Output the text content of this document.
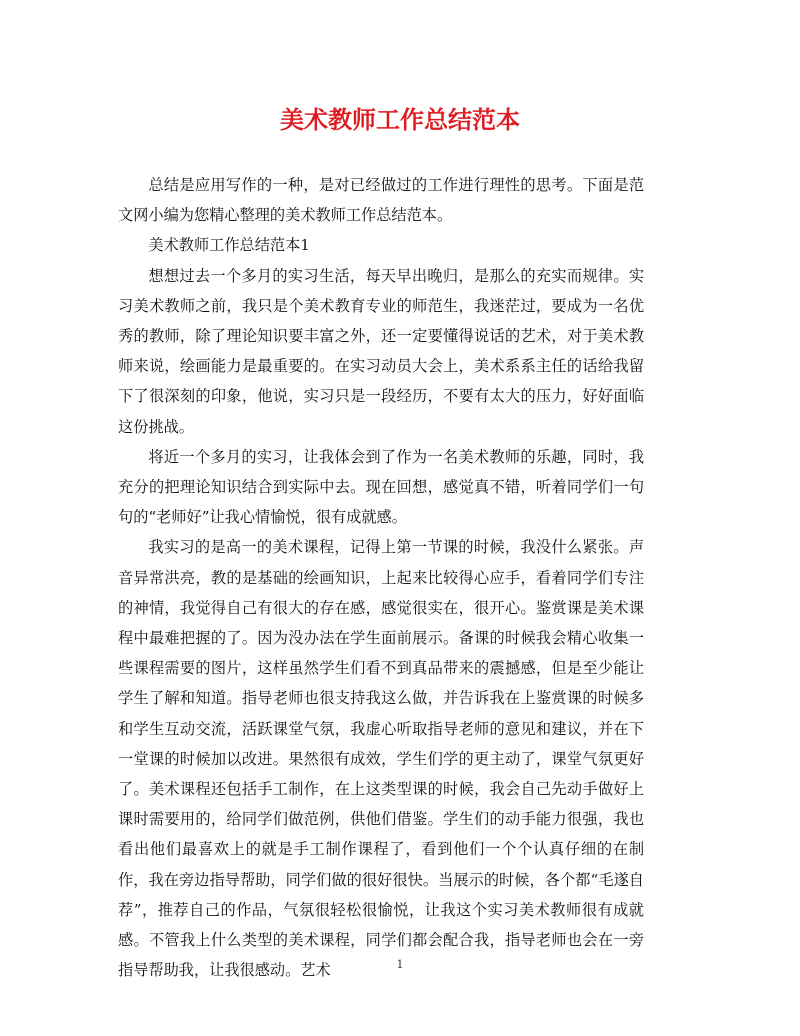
美术教师工作总结范本

总结是应用写作的一种，是对已经做过的工作进行理性的思考。下面是范文网小编为您精心整理的美术教师工作总结范本。

美术教师工作总结范本1

想想过去一个多月的实习生活，每天早出晚归，是那么的充实而规律。实习美术教师之前，我只是个美术教育专业的师范生，我迷茫过，要成为一名优秀的教师，除了理论知识要丰富之外，还一定要懂得说话的艺术，对于美术教师来说，绘画能力是最重要的。在实习动员大会上，美术系系主任的话给我留下了很深刻的印象，他说，实习只是一段经历，不要有太大的压力，好好面临这份挑战。

将近一个多月的实习，让我体会到了作为一名美术教师的乐趣，同时，我充分的把理论知识结合到实际中去。现在回想，感觉真不错，听着同学们一句句的“老师好”让我心情愉悦，很有成就感。

我实习的是高一的美术课程，记得上第一节课的时候，我没什么紧张。声音异常洪亮，教的是基础的绘画知识，上起来比较得心应手，看着同学们专注的神情，我觉得自己有很大的存在感，感觉很实在，很开心。鉴赏课是美术课程中最难把握的了。因为没办法在学生面前展示。备课的时候我会精心收集一些课程需要的图片，这样虽然学生们看不到真品带来的震撼感，但是至少能让学生了解和知道。指导老师也很支持我这么做，并告诉我在上鉴赏课的时候多和学生互动交流，活跃课堂气氛，我虚心听取指导老师的意见和建议，并在下一堂课的时候加以改进。果然很有成效，学生们学的更主动了，课堂气氛更好了。美术课程还包括手工制作，在上这类型课的时候，我会自己先动手做好上课时需要用的，给同学们做范例，供他们借鉴。学生们的动手能力很强，我也看出他们最喜欢上的就是手工制作课程了，看到他们一个个认真仔细的在制作，我在旁边指导帮助，同学们做的很好很快。当展示的时候，各个都“毛遂自荐”，推荐自己的作品，气氛很轻松很愉悦，让我这个实习美术教师很有成就感。不管我上什么类型的美术课程，同学们都会配合我，指导老师也会在一旁指导帮助我，让我很感动。艺术	1
